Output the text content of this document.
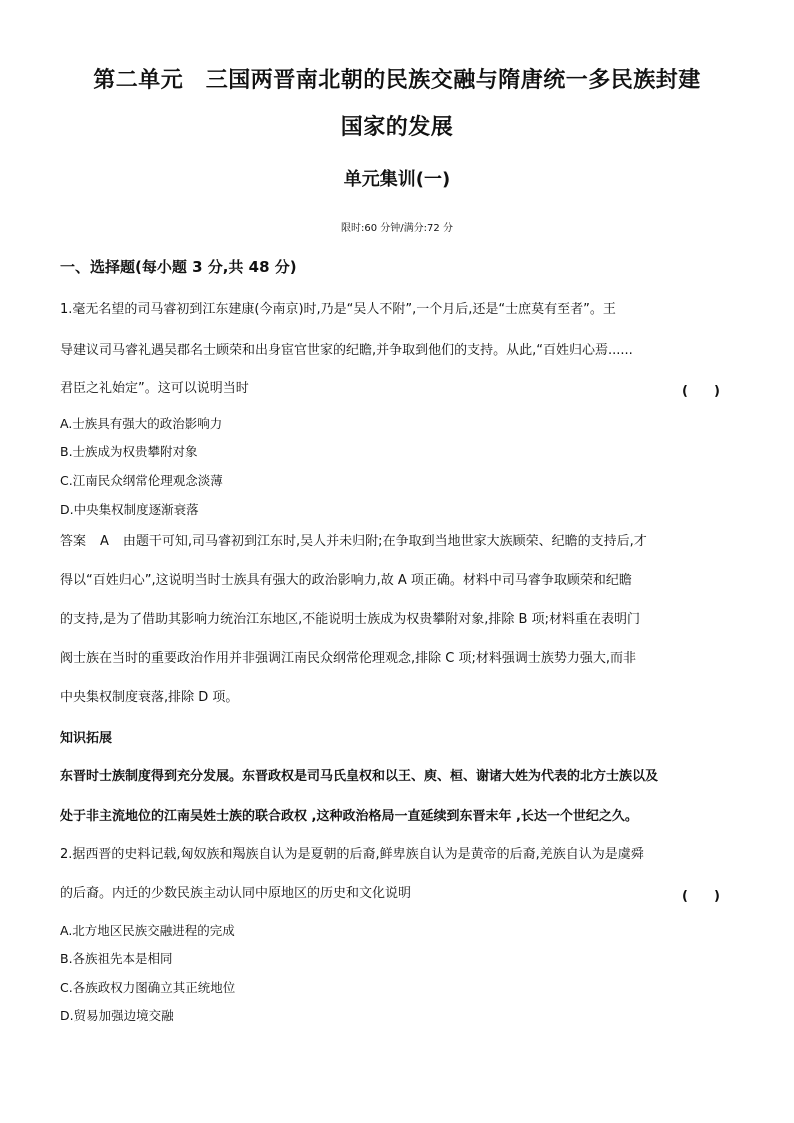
第二单元　三国两晋南北朝的民族交融与隋唐统一多民族封建
国家的发展
单元集训(一)
限时:60 分钟/满分:72 分
一、选择题(每小题 3 分,共 48 分)
1.毫无名望的司马睿初到江东建康(今南京)时,乃是“吴人不附”,一个月后,还是“士庶莫有至者”。王
导建议司马睿礼遇吴郡名士顾荣和出身宦官世家的纪瞻,并争取到他们的支持。从此,“百姓归心焉......
君臣之礼始定”。这可以说明当时	(　　)
A.士族具有强大的政治影响力
B.士族成为权贵攀附对象
C.江南民众纲常伦理观念淡薄
D.中央集权制度逐渐衰落
答案 A 由题干可知,司马睿初到江东时,吴人并未归附;在争取到当地世家大族顾荣、纪瞻的支持后,才
得以“百姓归心”,这说明当时士族具有强大的政治影响力,故 A 项正确。材料中司马睿争取顾荣和纪瞻
的支持,是为了借助其影响力统治江东地区,不能说明士族成为权贵攀附对象,排除 B 项;材料重在表明门
阀士族在当时的重要政治作用并非强调江南民众纲常伦理观念,排除 C 项;材料强调士族势力强大,而非
中央集权制度衰落,排除 D 项。
知识拓展
东晋时士族制度得到充分发展。东晋政权是司马氏皇权和以王、庾、桓、谢诸大姓为代表的北方士族以及
处于非主流地位的江南吴姓士族的联合政权 ,这种政治格局一直延续到东晋末年 ,长达一个世纪之久。
2.据西晋的史料记载,匈奴族和羯族自认为是夏朝的后裔,鲜卑族自认为是黄帝的后裔,羌族自认为是虞舜
的后裔。内迁的少数民族主动认同中原地区的历史和文化说明	(　　)
A.北方地区民族交融进程的完成
B.各族祖先本是相同
C.各族政权力图确立其正统地位
D.贸易加强边境交融
